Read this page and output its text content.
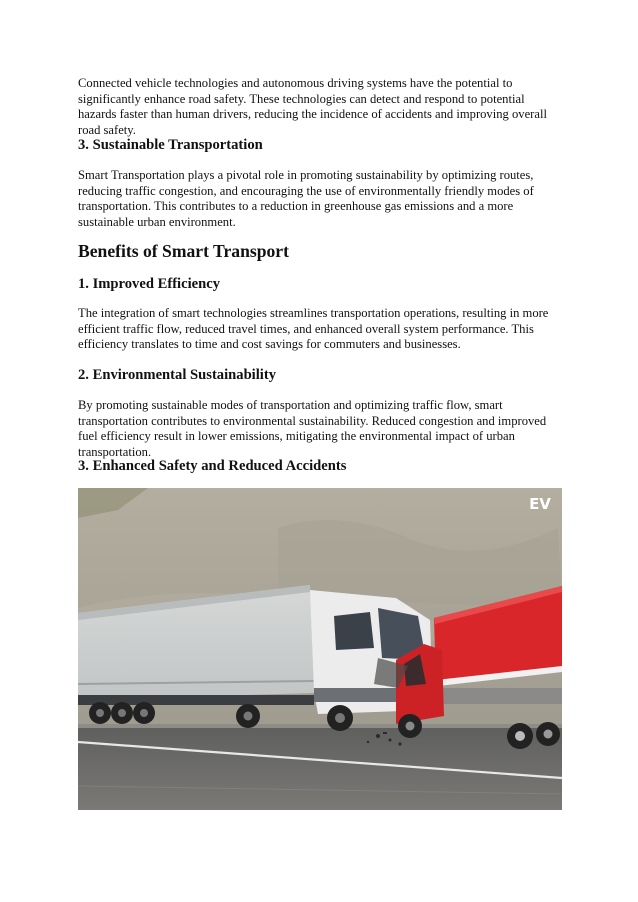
Connected vehicle technologies and autonomous driving systems have the potential to significantly enhance road safety. These technologies can detect and respond to potential hazards faster than human drivers, reducing the incidence of accidents and improving overall road safety.

3. Sustainable Transportation

Smart Transportation plays a pivotal role in promoting sustainability by optimizing routes, reducing traffic congestion, and encouraging the use of environmentally friendly modes of transportation. This contributes to a reduction in greenhouse gas emissions and a more sustainable urban environment.

Benefits of Smart Transport
1. Improved Efficiency

The integration of smart technologies streamlines transportation operations, resulting in more efficient traffic flow, reduced travel times, and enhanced overall system performance. This efficiency translates to time and cost savings for commuters and businesses.

2. Environmental Sustainability

By promoting sustainable modes of transportation and optimizing traffic flow, smart transportation contributes to environmental sustainability. Reduced congestion and improved fuel efficiency result in lower emissions, mitigating the environmental impact of urban transportation.

3. Enhanced Safety and Reduced Accidents
EV
